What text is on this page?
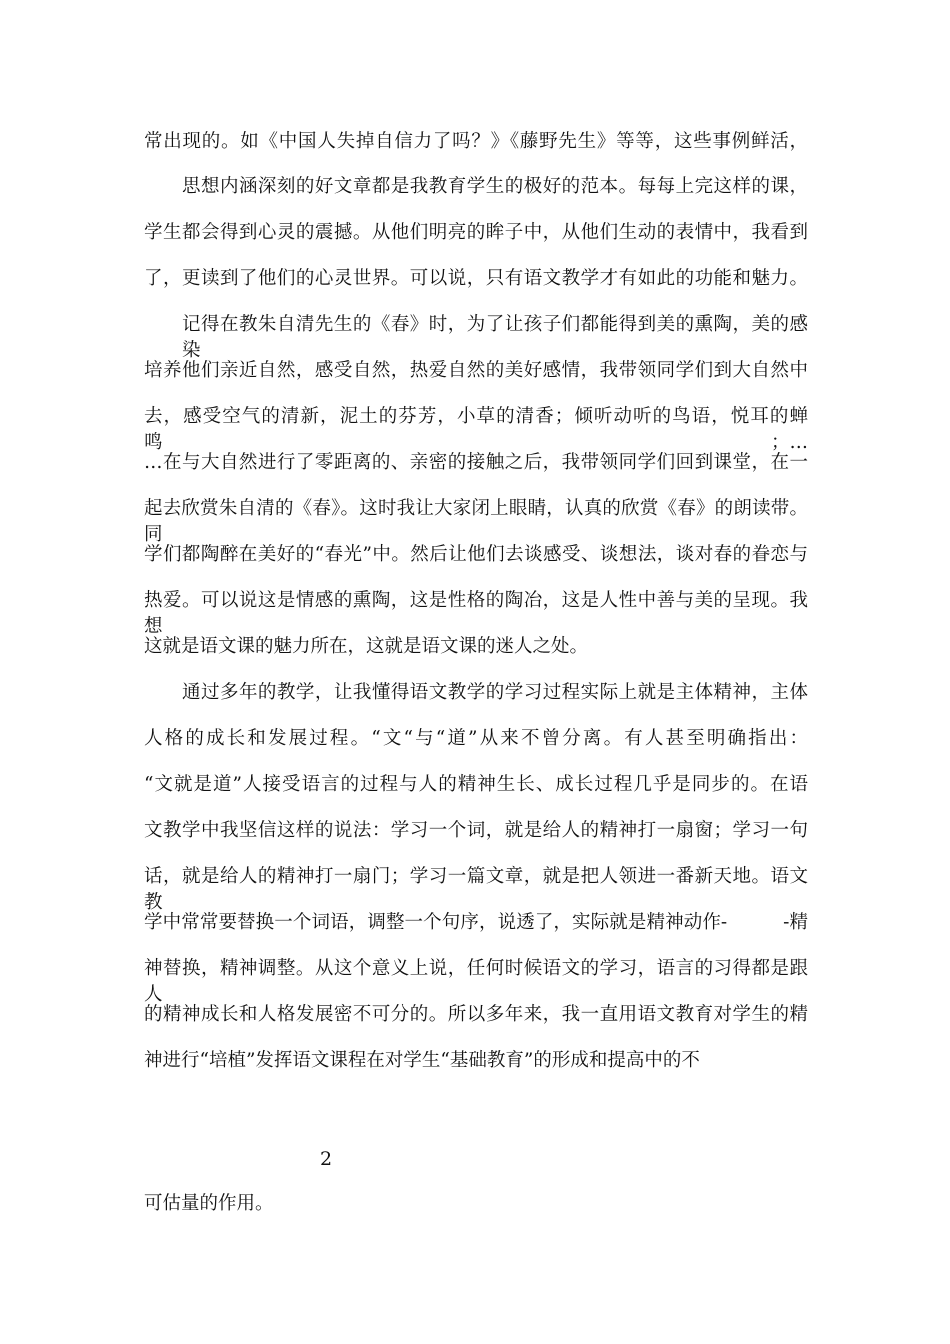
常出现的。如《中国人失掉自信力了吗？》《藤野先生》等等，这些事例鲜活，
思想内涵深刻的好文章都是我教育学生的极好的范本。每每上完这样的课，
学生都会得到心灵的震撼。从他们明亮的眸子中，从他们生动的表情中，我看到
了，更读到了他们的心灵世界。可以说，只有语文教学才有如此的功能和魅力。
记得在教朱自清先生的《春》时，为了让孩子们都能得到美的熏陶，美的感染
培养他们亲近自然，感受自然，热爱自然的美好感情，我带领同学们到大自然中
去，感受空气的清新，泥土的芬芳，小草的清香；倾听动听的鸟语，悦耳的蝉鸣；…
…在与大自然进行了零距离的、亲密的接触之后，我带领同学们回到课堂，在一
起去欣赏朱自清的《春》。这时我让大家闭上眼睛，认真的欣赏《春》的朗读带。同
学们都陶醉在美好的“春光”中。然后让他们去谈感受、谈想法，谈对春的眷恋与
热爱。可以说这是情感的熏陶，这是性格的陶冶，这是人性中善与美的呈现。我想
这就是语文课的魅力所在，这就是语文课的迷人之处。
通过多年的教学，让我懂得语文教学的学习过程实际上就是主体精神，主体
人格的成长和发展过程。“文“与“道”从来不曾分离。有人甚至明确指出：
“文就是道”人接受语言的过程与人的精神生长、成长过程几乎是同步的。在语
文教学中我坚信这样的说法：学习一个词，就是给人的精神打一扇窗；学习一句
话，就是给人的精神打一扇门；学习一篇文章，就是把人领进一番新天地。语文教
学中常常要替换一个词语，调整一个句序，说透了，实际就是精神动作-　　　-精
神替换，精神调整。从这个意义上说，任何时候语文的学习，语言的习得都是跟人
的精神成长和人格发展密不可分的。所以多年来，我一直用语文教育对学生的精
神进行“培植”发挥语文课程在对学生“基础教育”的形成和提高中的不
2
可估量的作用。
